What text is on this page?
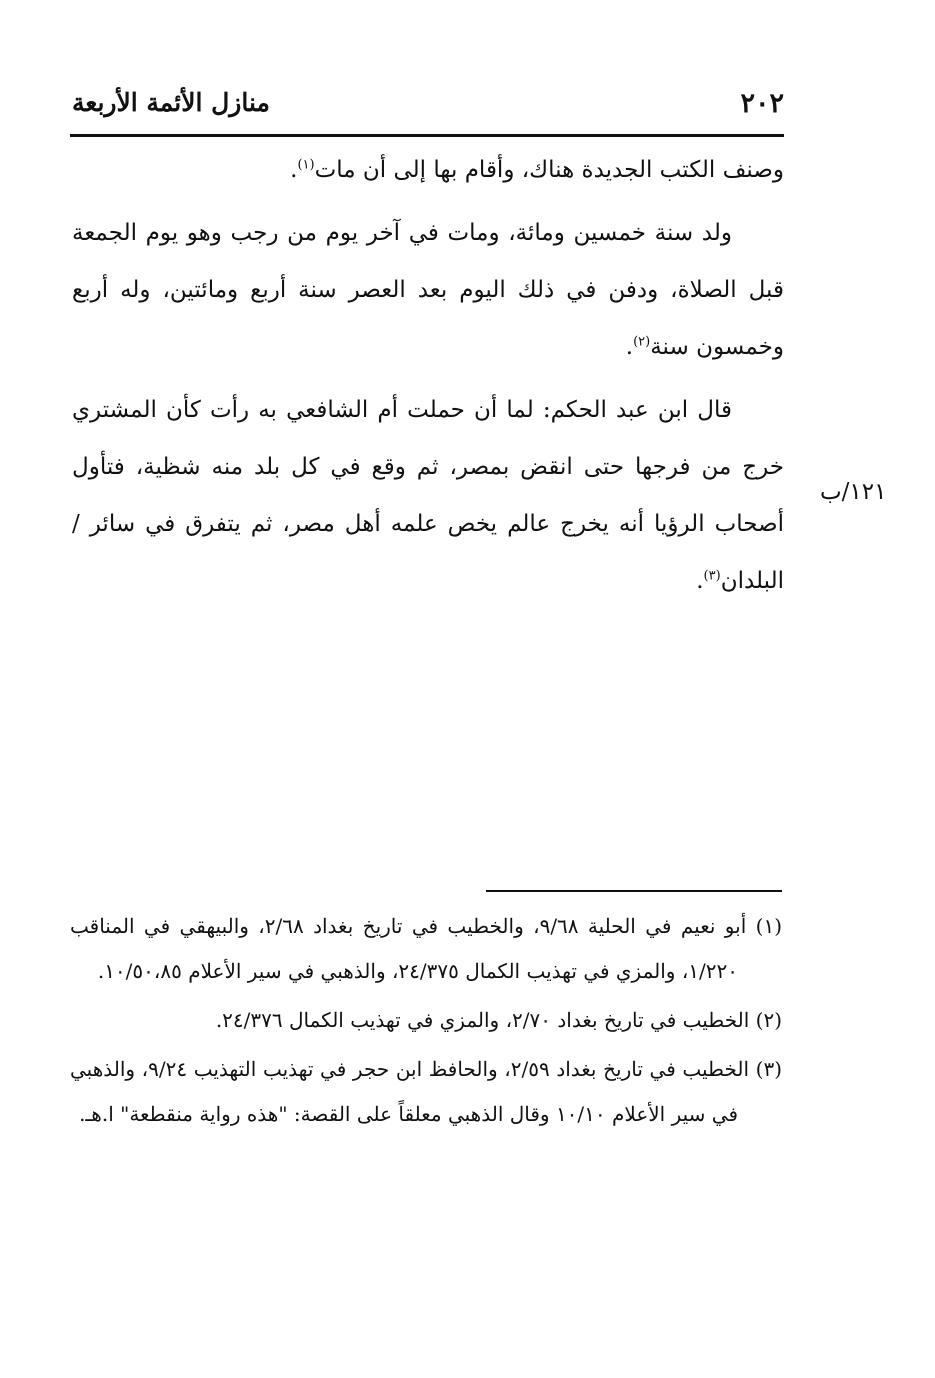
٢٠٢
منازل الأئمة الأربعة

وصنف الكتب الجديدة هناك، وأقام بها إلى أن مات$^{(١)}$.

ولد سنة خمسين ومائة، ومات في آخر يوم من رجب وهو يوم الجمعة قبل الصلاة، ودفن في ذلك اليوم بعد العصر سنة أربع ومائتين، وله أربع وخمسون سنة$^{(٢)}$.

قال ابن عبد الحكم: لما أن حملت أم الشافعي به رأت كأن المشتري خرج من فرجها حتى انقض بمصر، ثم وقع في كل بلد منه شظية، فتأول أصحاب الرؤيا أنه يخرج عالم يخص علمه أهل مصر، ثم يتفرق في سائر / البلدان$^{(٣)}$.

١٢١/ب

(١) أبو نعيم في الحلية ٩/٦٨، والخطيب في تاريخ بغداد ٢/٦٨، والبيهقي في المناقب ١/٢٢٠، والمزي في تهذيب الكمال ٢٤/٣٧٥، والذهبي في سير الأعلام ١٠/٥٠،٨٥.

(٢) الخطيب في تاريخ بغداد ٢/٧٠، والمزي في تهذيب الكمال ٢٤/٣٧٦.

(٣) الخطيب في تاريخ بغداد ٢/٥٩، والحافظ ابن حجر في تهذيب التهذيب ٩/٢٤، والذهبي في سير الأعلام ١٠/١٠ وقال الذهبي معلقاً على القصة: "هذه رواية منقطعة" ا.هـ.
